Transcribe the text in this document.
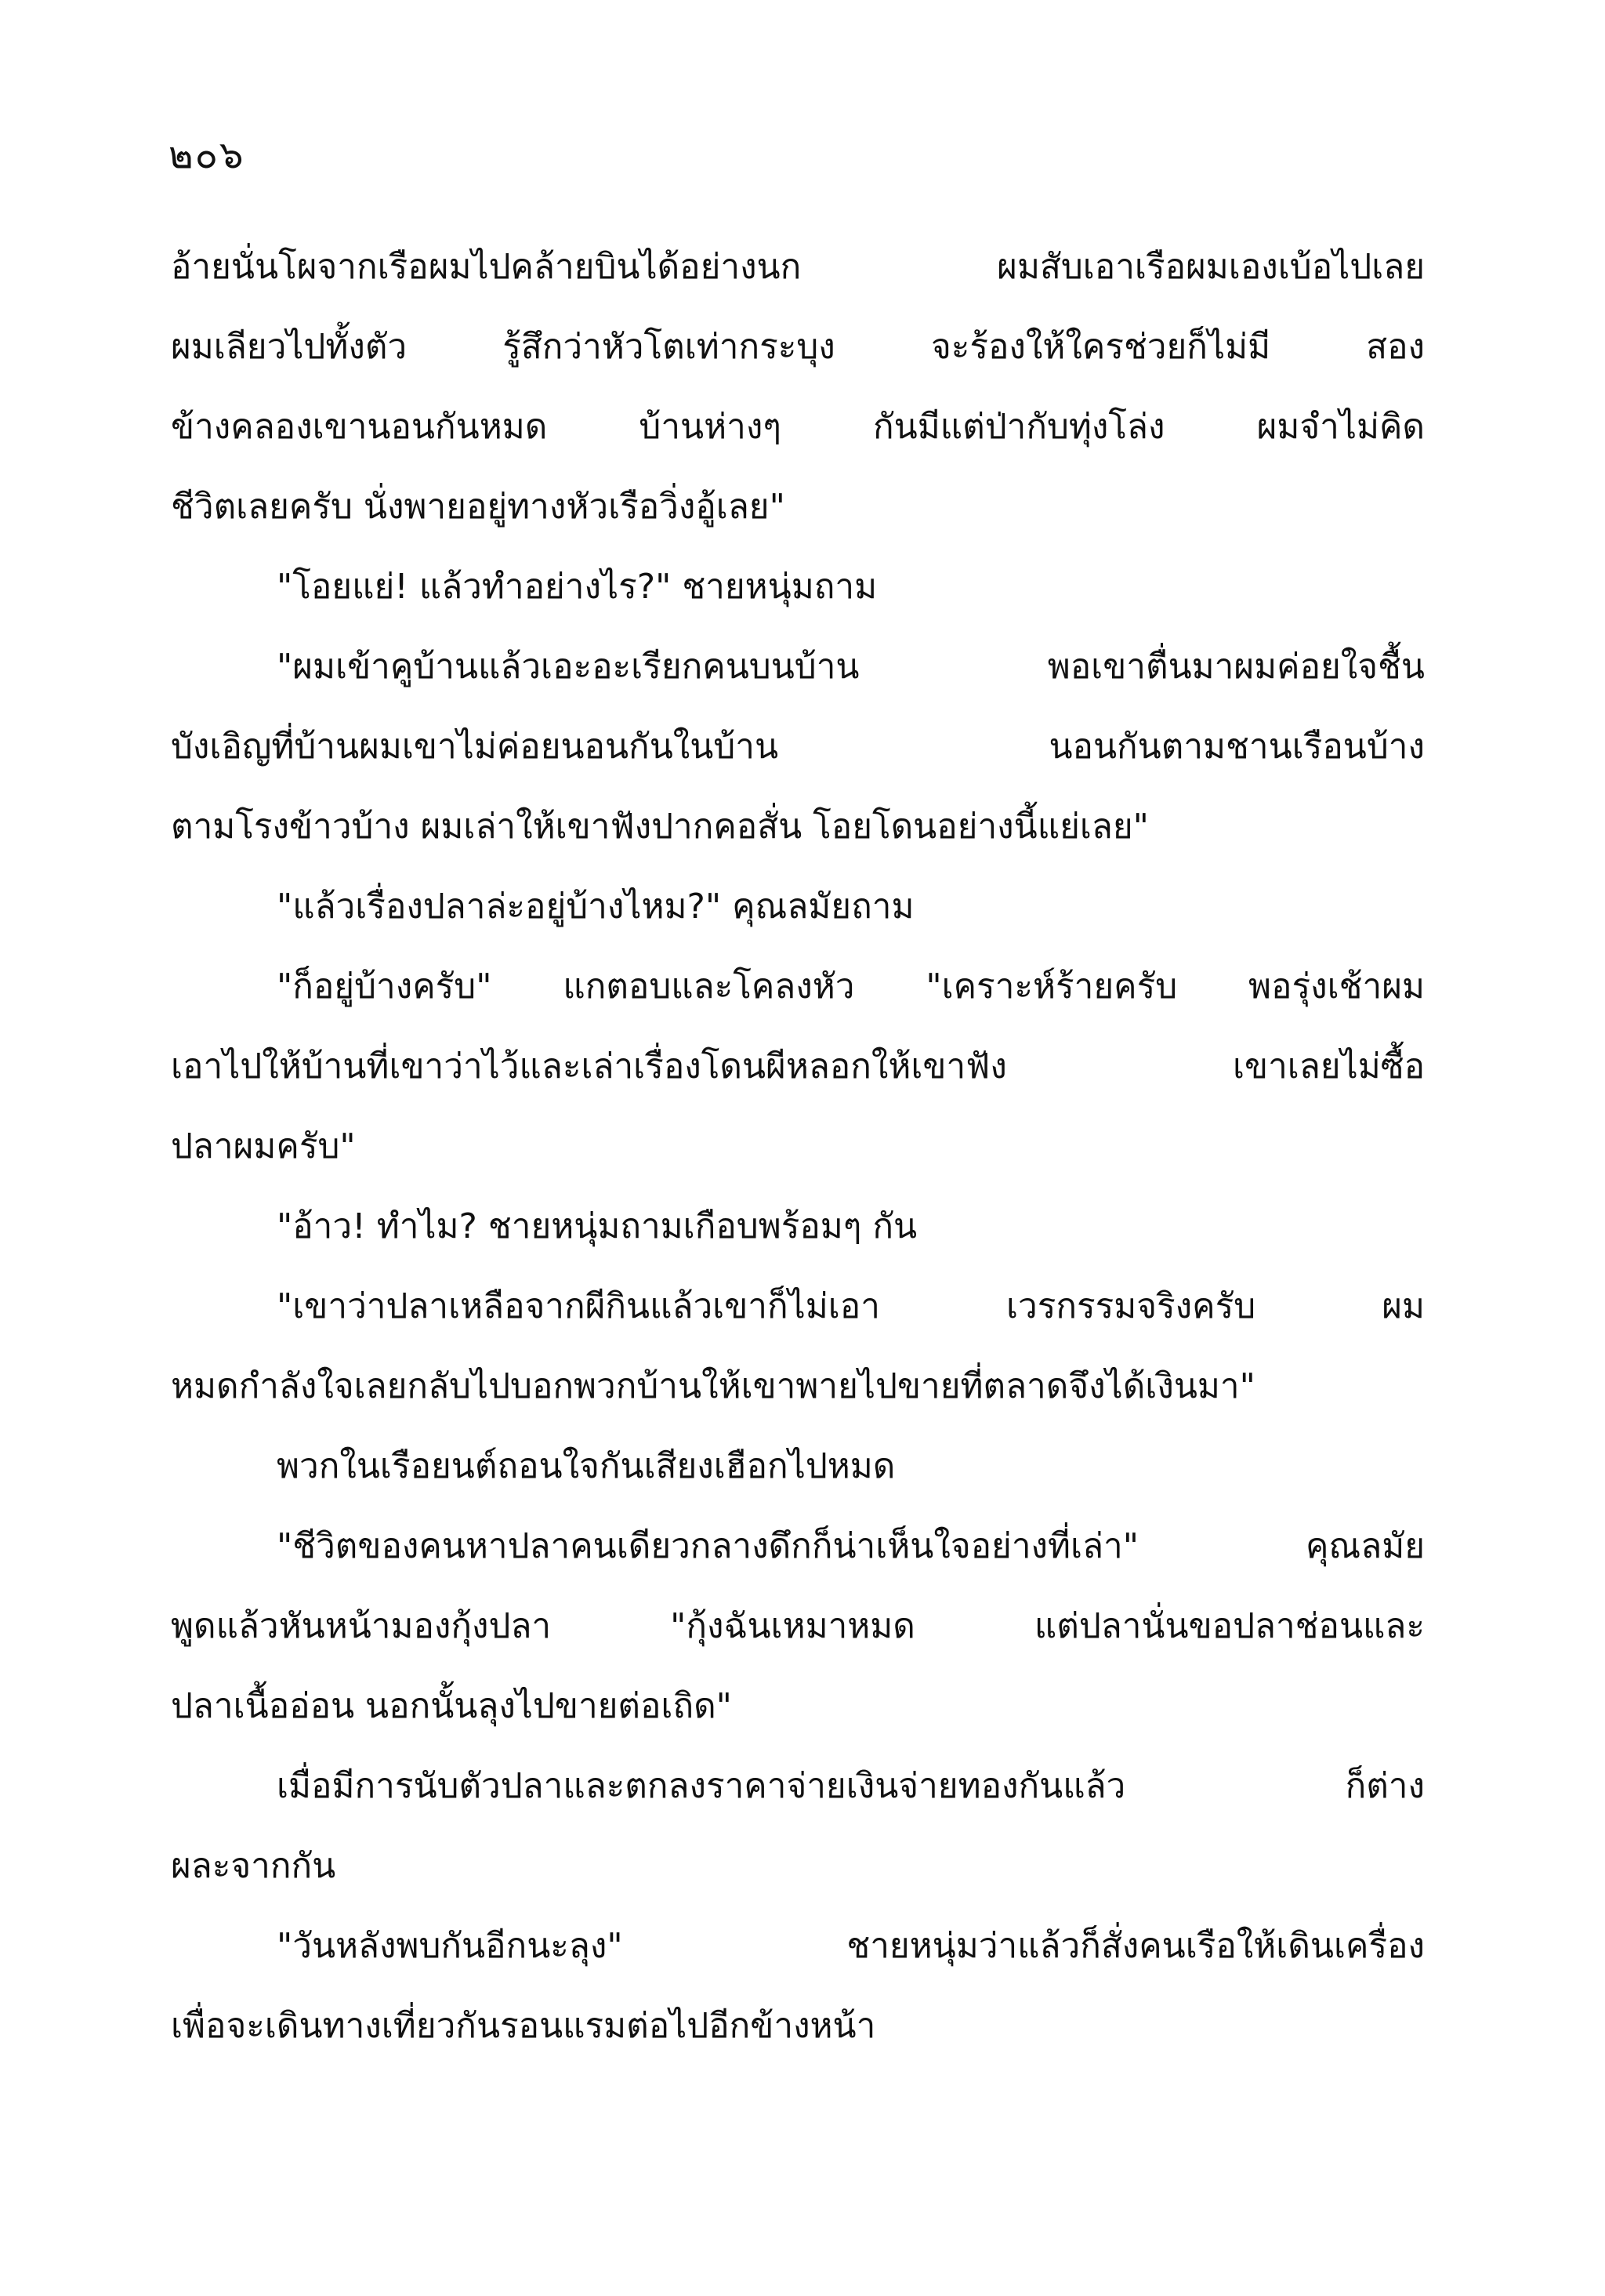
๒๐๖
อ้ายนั่นโผจากเรือผมไปคล้ายบินได้อย่างนก ผมสับเอาเรือผมเองเบ้อไปเลย
ผมเลียวไปทั้งตัว รู้สึกว่าหัวโตเท่ากระบุง จะร้องให้ใครช่วยก็ไม่มี สอง
ข้างคลองเขานอนกันหมด บ้านห่างๆ กันมีแต่ป่ากับทุ่งโล่ง ผมจำไม่คิด
ชีวิตเลยครับ นั่งพายอยู่ทางหัวเรือวิ่งอู้เลย"
"โอยแย่! แล้วทำอย่างไร?" ชายหนุ่มถาม
"ผมเข้าคูบ้านแล้วเอะอะเรียกคนบนบ้าน พอเขาตื่นมาผมค่อยใจชื้น
บังเอิญที่บ้านผมเขาไม่ค่อยนอนกันในบ้าน นอนกันตามชานเรือนบ้าง
ตามโรงข้าวบ้าง ผมเล่าให้เขาฟังปากคอสั่น โอยโดนอย่างนี้แย่เลย"
"แล้วเรื่องปลาล่ะอยู่บ้างไหม?" คุณลมัยถาม
"ก็อยู่บ้างครับ" แกตอบและโคลงหัว "เคราะห์ร้ายครับ พอรุ่งเช้าผม
เอาไปให้บ้านที่เขาว่าไว้และเล่าเรื่องโดนผีหลอกให้เขาฟัง เขาเลยไม่ซื้อ
ปลาผมครับ"
"อ้าว! ทำไม? ชายหนุ่มถามเกือบพร้อมๆ กัน
"เขาว่าปลาเหลือจากผีกินแล้วเขาก็ไม่เอา เวรกรรมจริงครับ ผม
หมดกำลังใจเลยกลับไปบอกพวกบ้านให้เขาพายไปขายที่ตลาดจึงได้เงินมา"
พวกในเรือยนต์ถอนใจกันเสียงเฮือกไปหมด
"ชีวิตของคนหาปลาคนเดียวกลางดึกก็น่าเห็นใจอย่างที่เล่า" คุณลมัย
พูดแล้วหันหน้ามองกุ้งปลา "กุ้งฉันเหมาหมด แต่ปลานั่นขอปลาช่อนและ
ปลาเนื้ออ่อน นอกนั้นลุงไปขายต่อเถิด"
เมื่อมีการนับตัวปลาและตกลงราคาจ่ายเงินจ่ายทองกันแล้ว ก็ต่าง
ผละจากกัน
"วันหลังพบกันอีกนะลุง" ชายหนุ่มว่าแล้วก็สั่งคนเรือให้เดินเครื่อง
เพื่อจะเดินทางเที่ยวกันรอนแรมต่อไปอีกข้างหน้า
